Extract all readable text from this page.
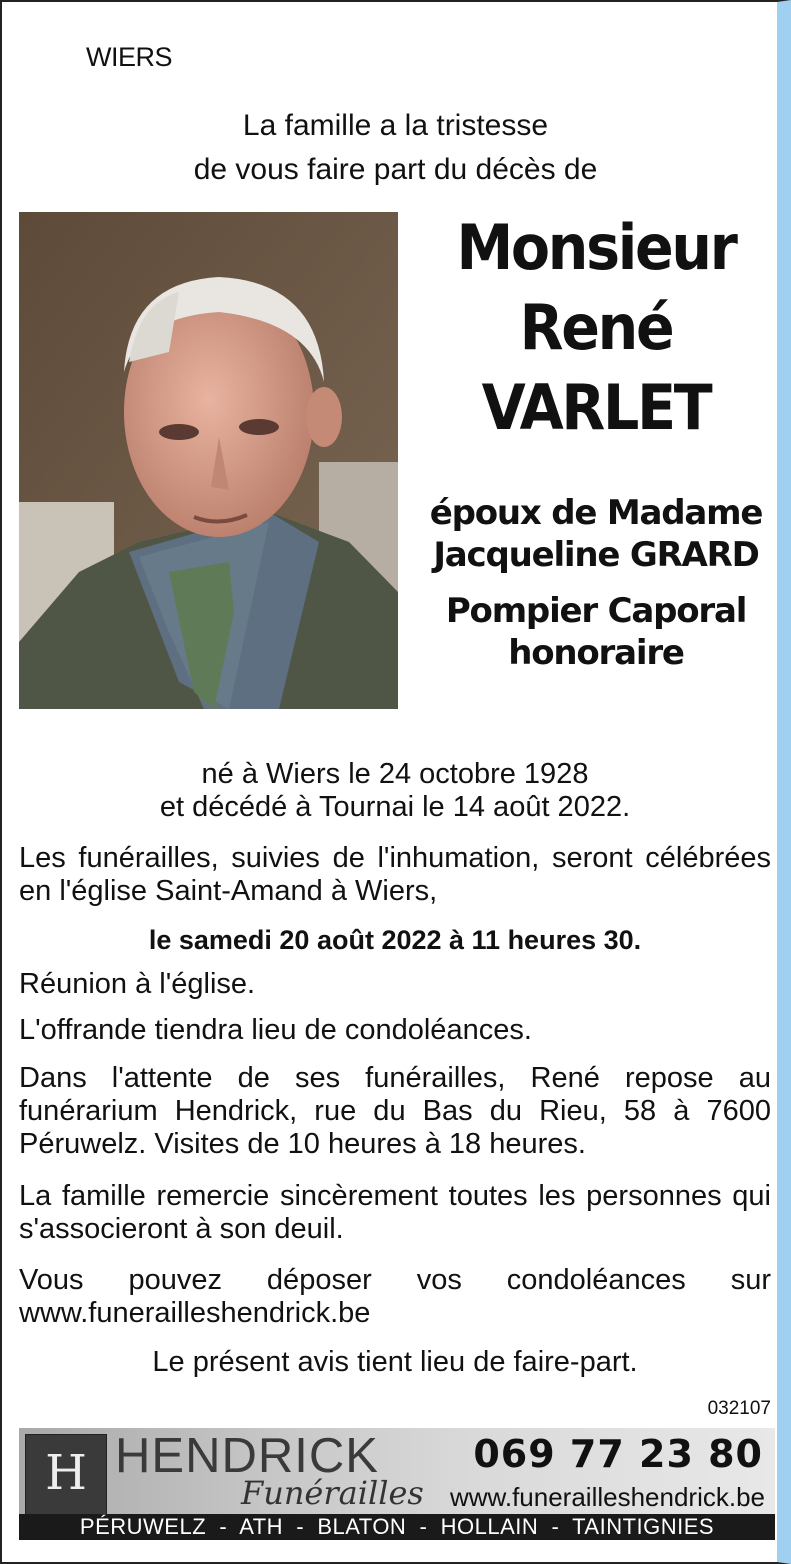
WIERS
La famille a la tristesse
de vous faire part du décès de
Monsieur
René
VARLET
époux de Madame
Jacqueline GRARD
Pompier Caporal
honoraire
né à Wiers le 24 octobre 1928
et décédé à Tournai le 14 août 2022.
Les funérailles, suivies de l'inhumation, seront célébrées en l'église Saint-Amand à Wiers,
le samedi 20 août 2022 à 11 heures 30.
Réunion à l'église.
L'offrande tiendra lieu de condoléances.
Dans l'attente de ses funérailles, René repose au funérarium Hendrick, rue du Bas du Rieu, 58 à 7600 Péruwelz. Visites de 10 heures à 18 heures.
La famille remercie sincèrement toutes les personnes qui s'associeront à son deuil.
Vous pouvez déposer vos condoléances sur www.funerailleshendrick.be
Le présent avis tient lieu de faire-part.
032107
H HENDRICK
Funérailles
069 77 23 80
www.funerailleshendrick.be
PÉRUWELZ  -  ATH  -  BLATON  -  HOLLAIN  -  TAINTIGNIES
